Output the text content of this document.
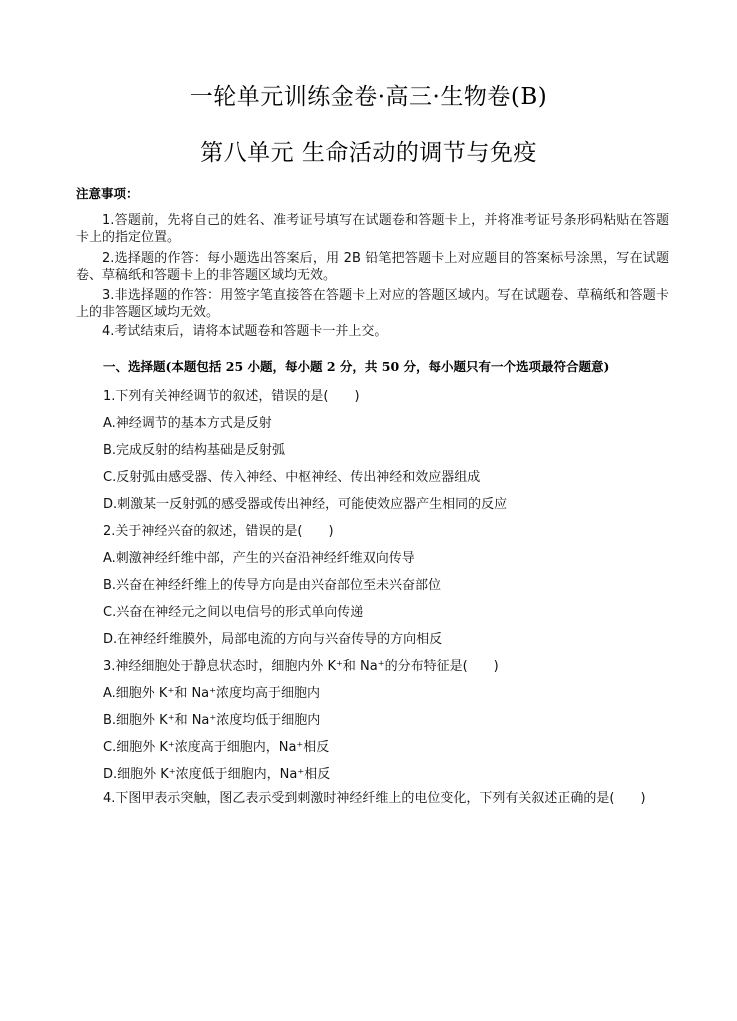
一轮单元训练金卷·高三·生物卷(B)
第八单元 生命活动的调节与免疫
注意事项：
1.答题前，先将自己的姓名、准考证号填写在试题卷和答题卡上，并将准考证号条形码粘贴在答题卡上的指定位置。
2.选择题的作答：每小题选出答案后，用 2B 铅笔把答题卡上对应题目的答案标号涂黑，写在试题卷、草稿纸和答题卡上的非答题区域均无效。
3.非选择题的作答：用签字笔直接答在答题卡上对应的答题区域内。写在试题卷、草稿纸和答题卡上的非答题区域均无效。
4.考试结束后，请将本试题卷和答题卡一并上交。
一、选择题(本题包括 25 小题，每小题 2 分，共 50 分，每小题只有一个选项最符合题意)
1.下列有关神经调节的叙述，错误的是(　　)
A.神经调节的基本方式是反射
B.完成反射的结构基础是反射弧
C.反射弧由感受器、传入神经、中枢神经、传出神经和效应器组成
D.刺激某一反射弧的感受器或传出神经，可能使效应器产生相同的反应
2.关于神经兴奋的叙述，错误的是(　　)
A.刺激神经纤维中部，产生的兴奋沿神经纤维双向传导
B.兴奋在神经纤维上的传导方向是由兴奋部位至未兴奋部位
C.兴奋在神经元之间以电信号的形式单向传递
D.在神经纤维膜外，局部电流的方向与兴奋传导的方向相反
3.神经细胞处于静息状态时，细胞内外 K⁺和 Na⁺的分布特征是(　　)
A.细胞外 K⁺和 Na⁺浓度均高于细胞内
B.细胞外 K⁺和 Na⁺浓度均低于细胞内
C.细胞外 K⁺浓度高于细胞内，Na⁺相反
D.细胞外 K⁺浓度低于细胞内，Na⁺相反
4.下图甲表示突触，图乙表示受到刺激时神经纤维上的电位变化，下列有关叙述正确的是(　　)
